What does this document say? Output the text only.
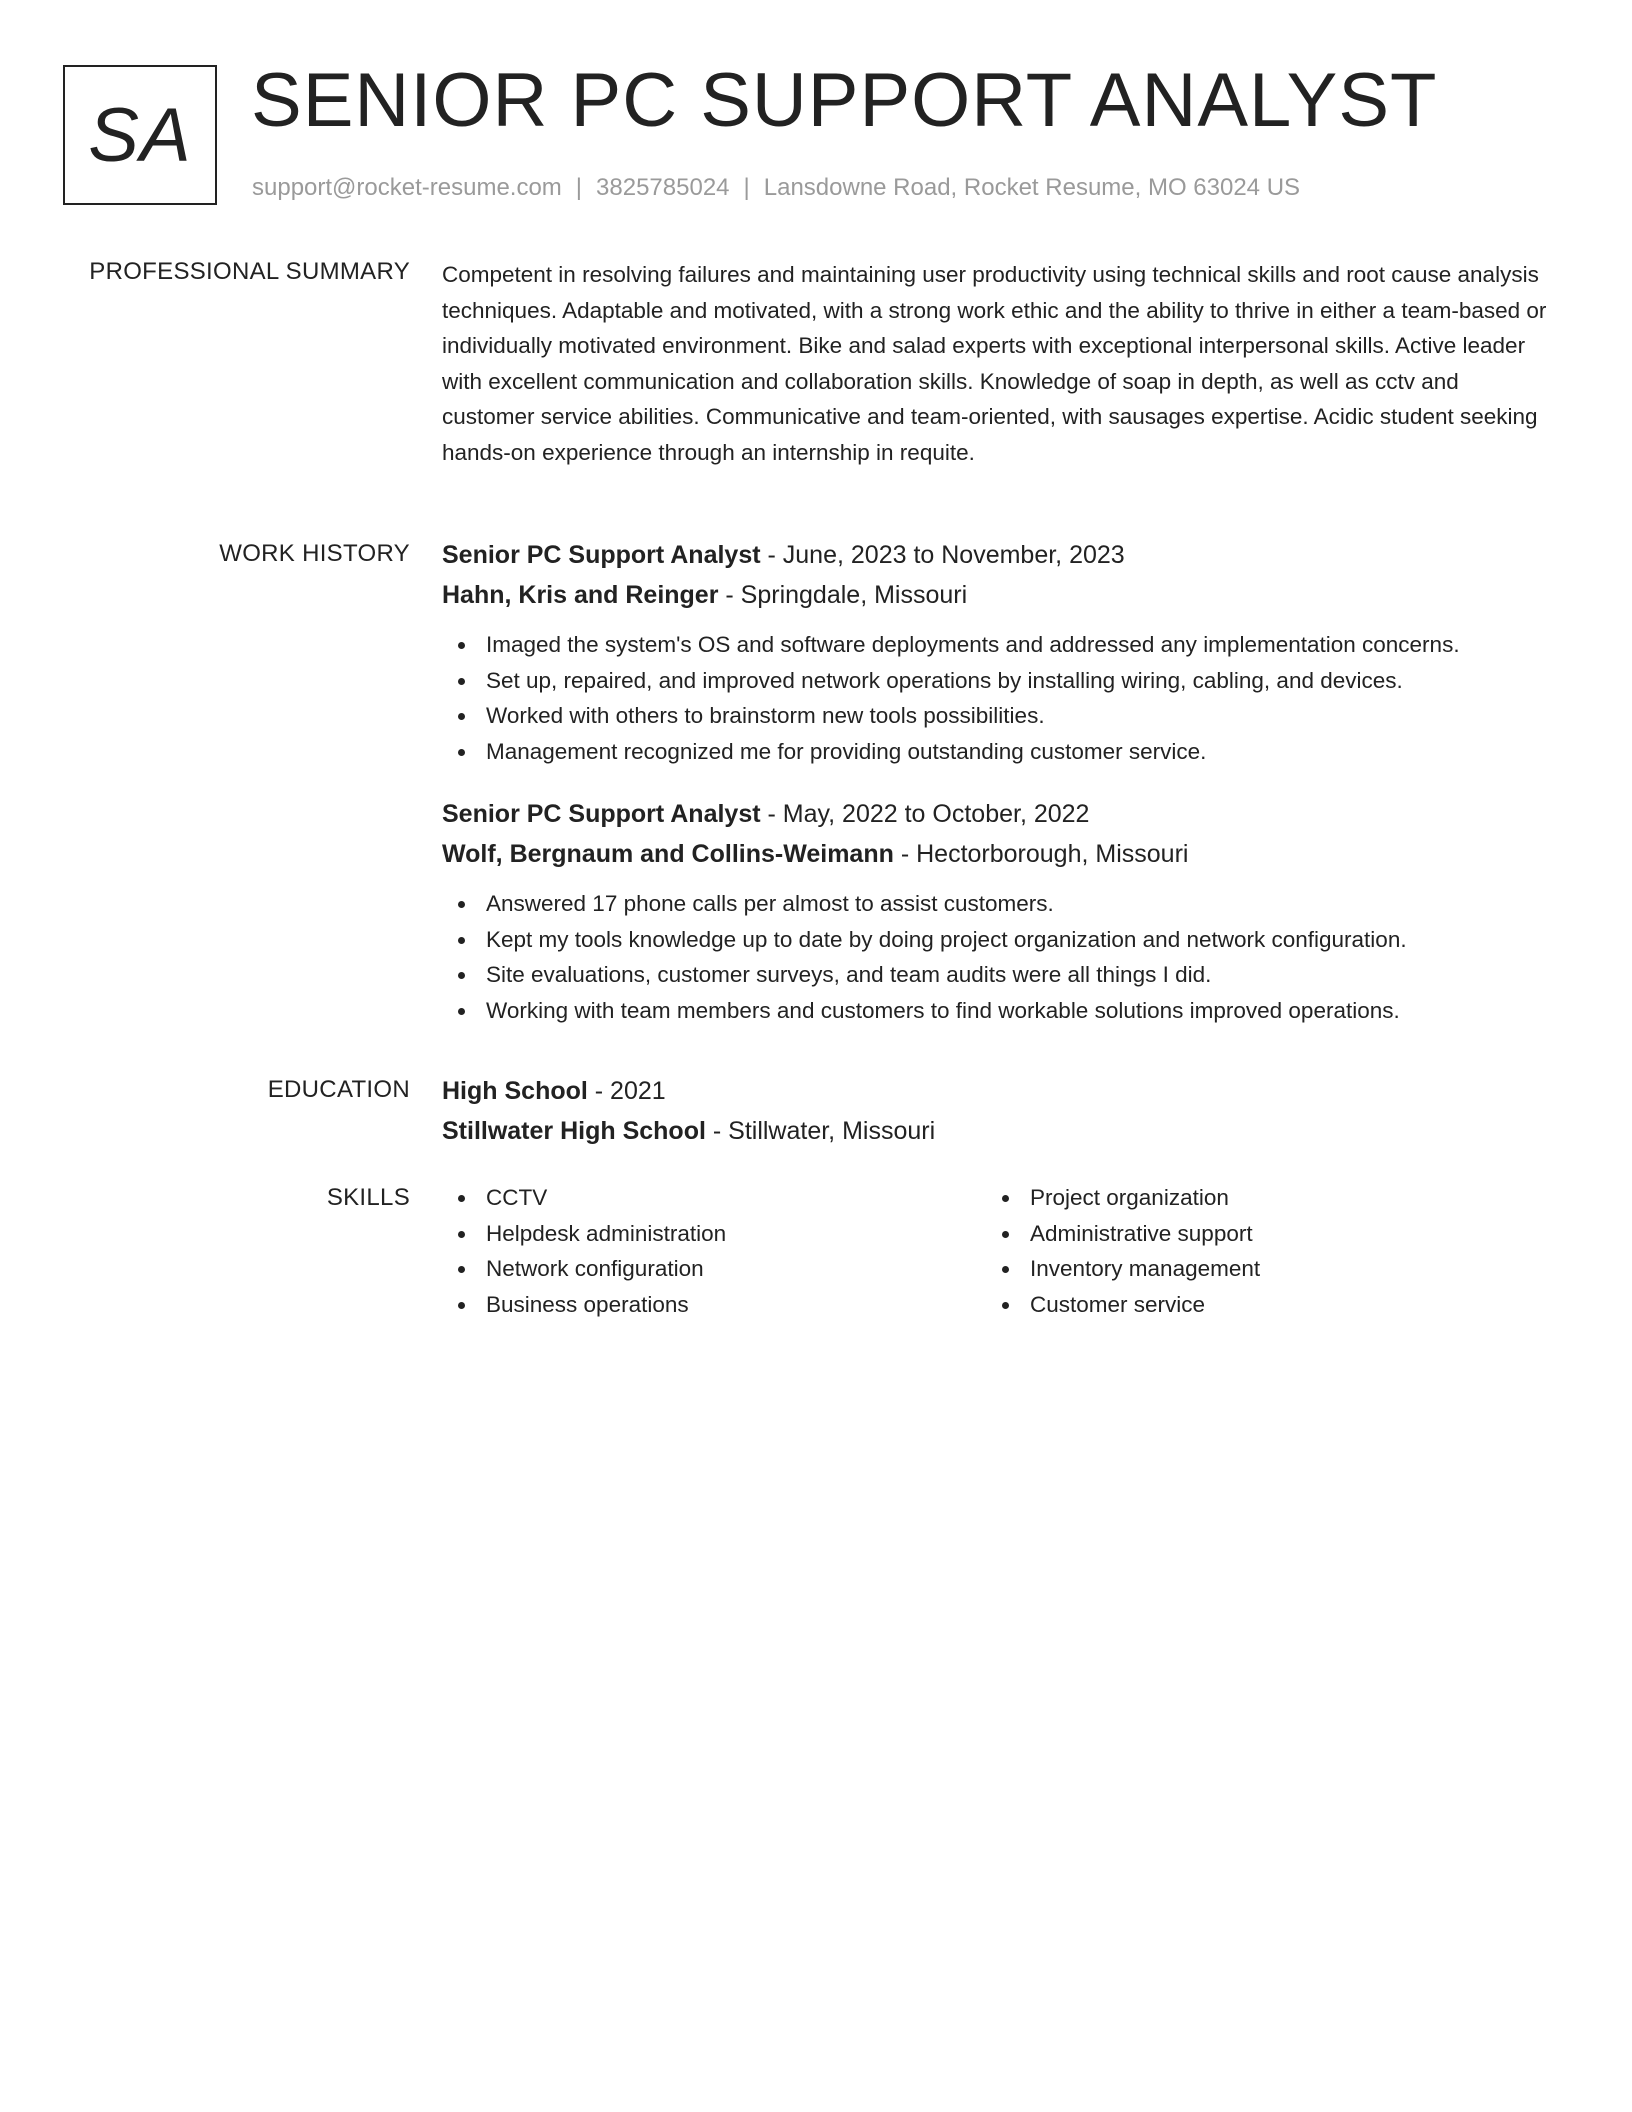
SA SENIOR PC SUPPORT ANALYST
support@rocket-resume.com | 3825785024 | Lansdowne Road, Rocket Resume, MO 63024 US
PROFESSIONAL SUMMARY Competent in resolving failures and maintaining user productivity using technical skills and root cause analysis techniques. Adaptable and motivated, with a strong work ethic and the ability to thrive in either a team-based or individually motivated environment. Bike and salad experts with exceptional interpersonal skills. Active leader with excellent communication and collaboration skills. Knowledge of soap in depth, as well as cctv and customer service abilities. Communicative and team-oriented, with sausages expertise. Acidic student seeking hands-on experience through an internship in requite.

WORK HISTORY Senior PC Support Analyst - June, 2023 to November, 2023
Hahn, Kris and Reinger - Springdale, Missouri
Imaged the system's OS and software deployments and addressed any implementation concerns.
Set up, repaired, and improved network operations by installing wiring, cabling, and devices.
Worked with others to brainstorm new tools possibilities.
Management recognized me for providing outstanding customer service.
Senior PC Support Analyst - May, 2022 to October, 2022
Wolf, Bergnaum and Collins-Weimann - Hectorborough, Missouri
Answered 17 phone calls per almost to assist customers.
Kept my tools knowledge up to date by doing project organization and network configuration.
Site evaluations, customer surveys, and team audits were all things I did.
Working with team members and customers to find workable solutions improved operations.
EDUCATION High School - 2021
Stillwater High School - Stillwater, Missouri
SKILLS	CCTV
Helpdesk administration
Network configuration
Business operations
Project organization
Administrative support
Inventory management
Customer service
